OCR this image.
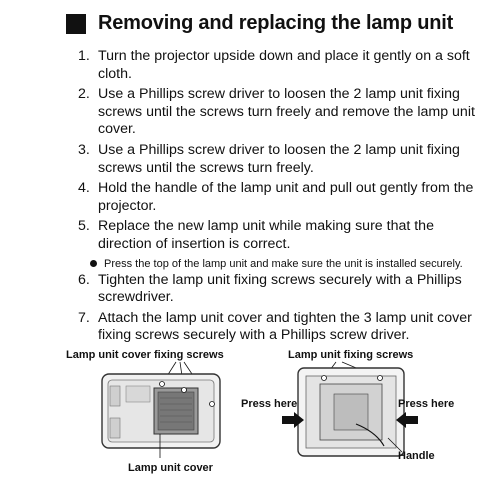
Removing and replacing the lamp unit
1. Turn the projector upside down and place it gently on a soft cloth.
2. Use a Phillips screw driver to loosen the 2 lamp unit fixing screws until the screws turn freely and remove the lamp unit cover.
3. Use a Phillips screw driver to loosen the 2 lamp unit fixing screws until the screws turn freely.
4. Hold the handle of the lamp unit and pull out gently from the projector.
5. Replace the new lamp unit while making sure that the direction of insertion is correct.
Press the top of the lamp unit and make sure the unit is installed securely.
6. Tighten the lamp unit fixing screws securely with a Phillips screwdriver.
7. Attach the lamp unit cover and tighten the 3 lamp unit cover fixing screws securely with a Phillips screw driver.
Lamp unit cover fixing screws
Lamp unit cover
Lamp unit fixing screws
Press here	Press here
Handle
